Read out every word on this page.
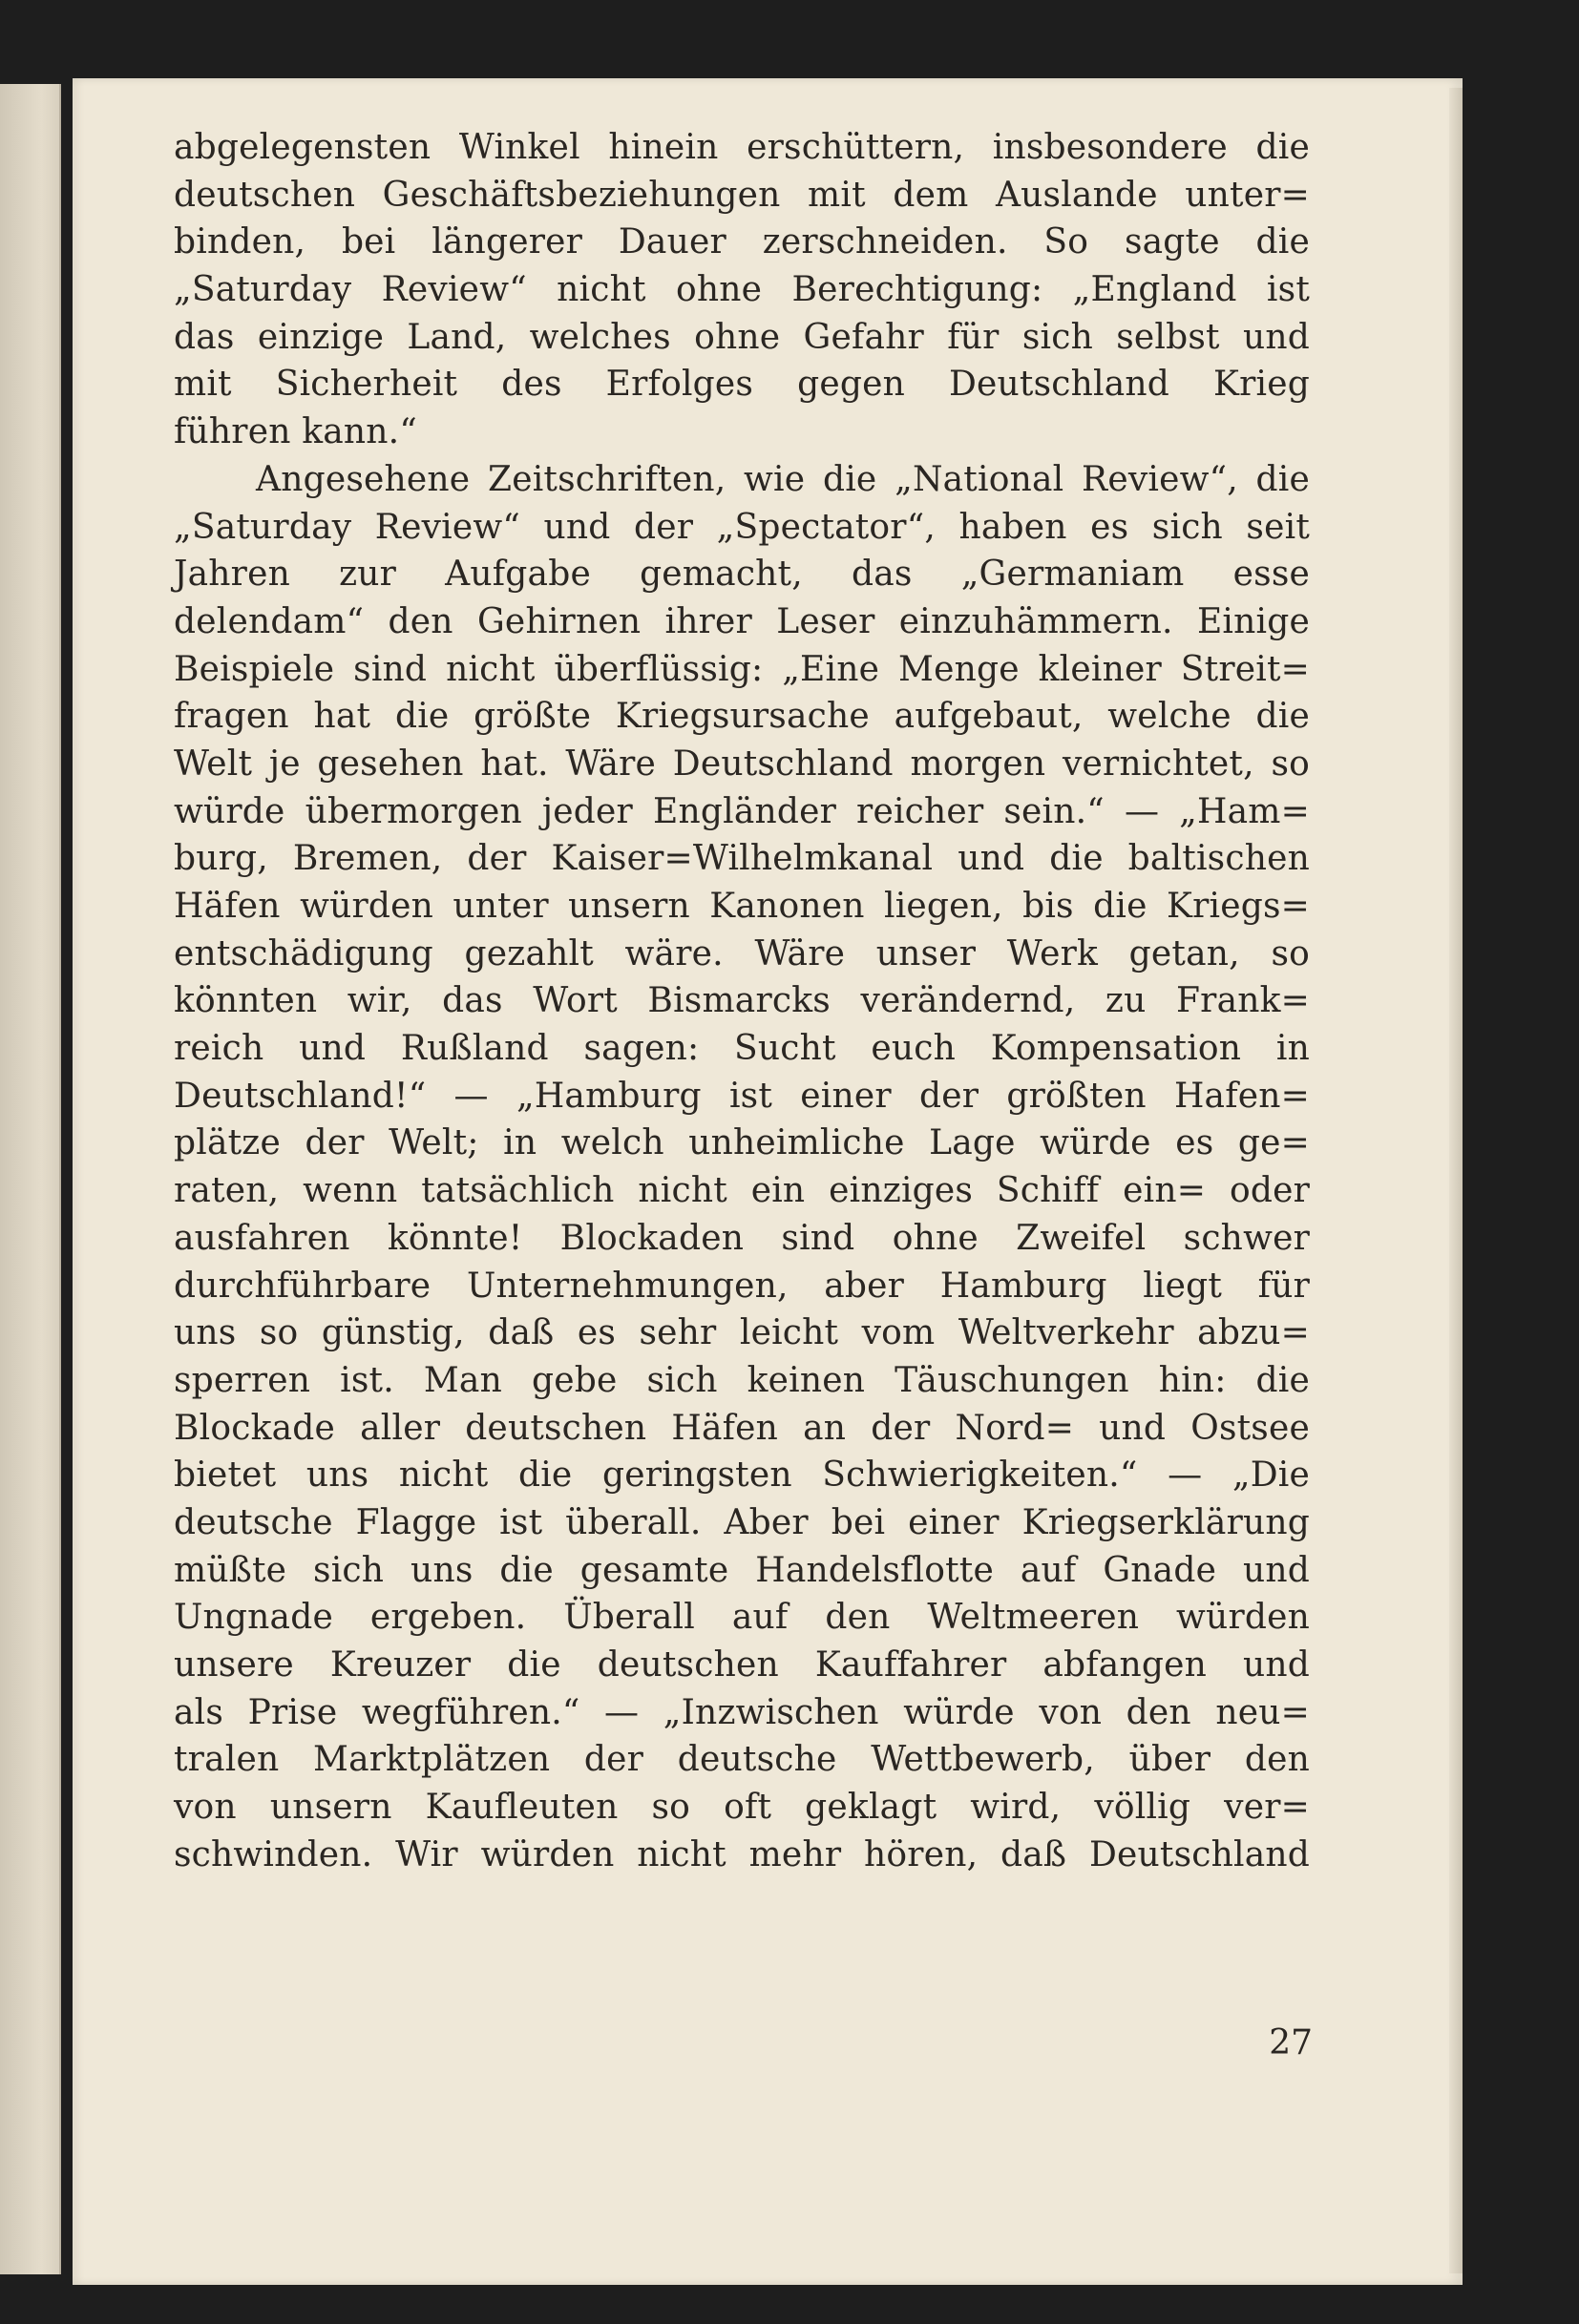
abgelegensten Winkel hinein erschüttern, insbesondere die
deutschen Geschäftsbeziehungen mit dem Auslande unter=
binden, bei längerer Dauer zerschneiden. So sagte die
„Saturday Review“ nicht ohne Berechtigung: „England ist
das einzige Land, welches ohne Gefahr für sich selbst und
mit Sicherheit des Erfolges gegen Deutschland Krieg
führen kann.“
Angesehene Zeitschriften, wie die „National Review“, die
„Saturday Review“ und der „Spectator“, haben es sich seit
Jahren zur Aufgabe gemacht, das „Germaniam esse
delendam“ den Gehirnen ihrer Leser einzuhämmern. Einige
Beispiele sind nicht überflüssig: „Eine Menge kleiner Streit=
fragen hat die größte Kriegsursache aufgebaut, welche die
Welt je gesehen hat. Wäre Deutschland morgen vernichtet, so
würde übermorgen jeder Engländer reicher sein.“ — „Ham=
burg, Bremen, der Kaiser=Wilhelmkanal und die baltischen
Häfen würden unter unsern Kanonen liegen, bis die Kriegs=
entschädigung gezahlt wäre. Wäre unser Werk getan, so
könnten wir, das Wort Bismarcks verändernd, zu Frank=
reich und Rußland sagen: Sucht euch Kompensation in
Deutschland!“ — „Hamburg ist einer der größten Hafen=
plätze der Welt; in welch unheimliche Lage würde es ge=
raten, wenn tatsächlich nicht ein einziges Schiff ein= oder
ausfahren könnte! Blockaden sind ohne Zweifel schwer
durchführbare Unternehmungen, aber Hamburg liegt für
uns so günstig, daß es sehr leicht vom Weltverkehr abzu=
sperren ist. Man gebe sich keinen Täuschungen hin: die
Blockade aller deutschen Häfen an der Nord= und Ostsee
bietet uns nicht die geringsten Schwierigkeiten.“ — „Die
deutsche Flagge ist überall. Aber bei einer Kriegserklärung
müßte sich uns die gesamte Handelsflotte auf Gnade und
Ungnade ergeben. Überall auf den Weltmeeren würden
unsere Kreuzer die deutschen Kauffahrer abfangen und
als Prise wegführen.“ — „Inzwischen würde von den neu=
tralen Marktplätzen der deutsche Wettbewerb, über den
von unsern Kaufleuten so oft geklagt wird, völlig ver=
schwinden. Wir würden nicht mehr hören, daß Deutschland
27
